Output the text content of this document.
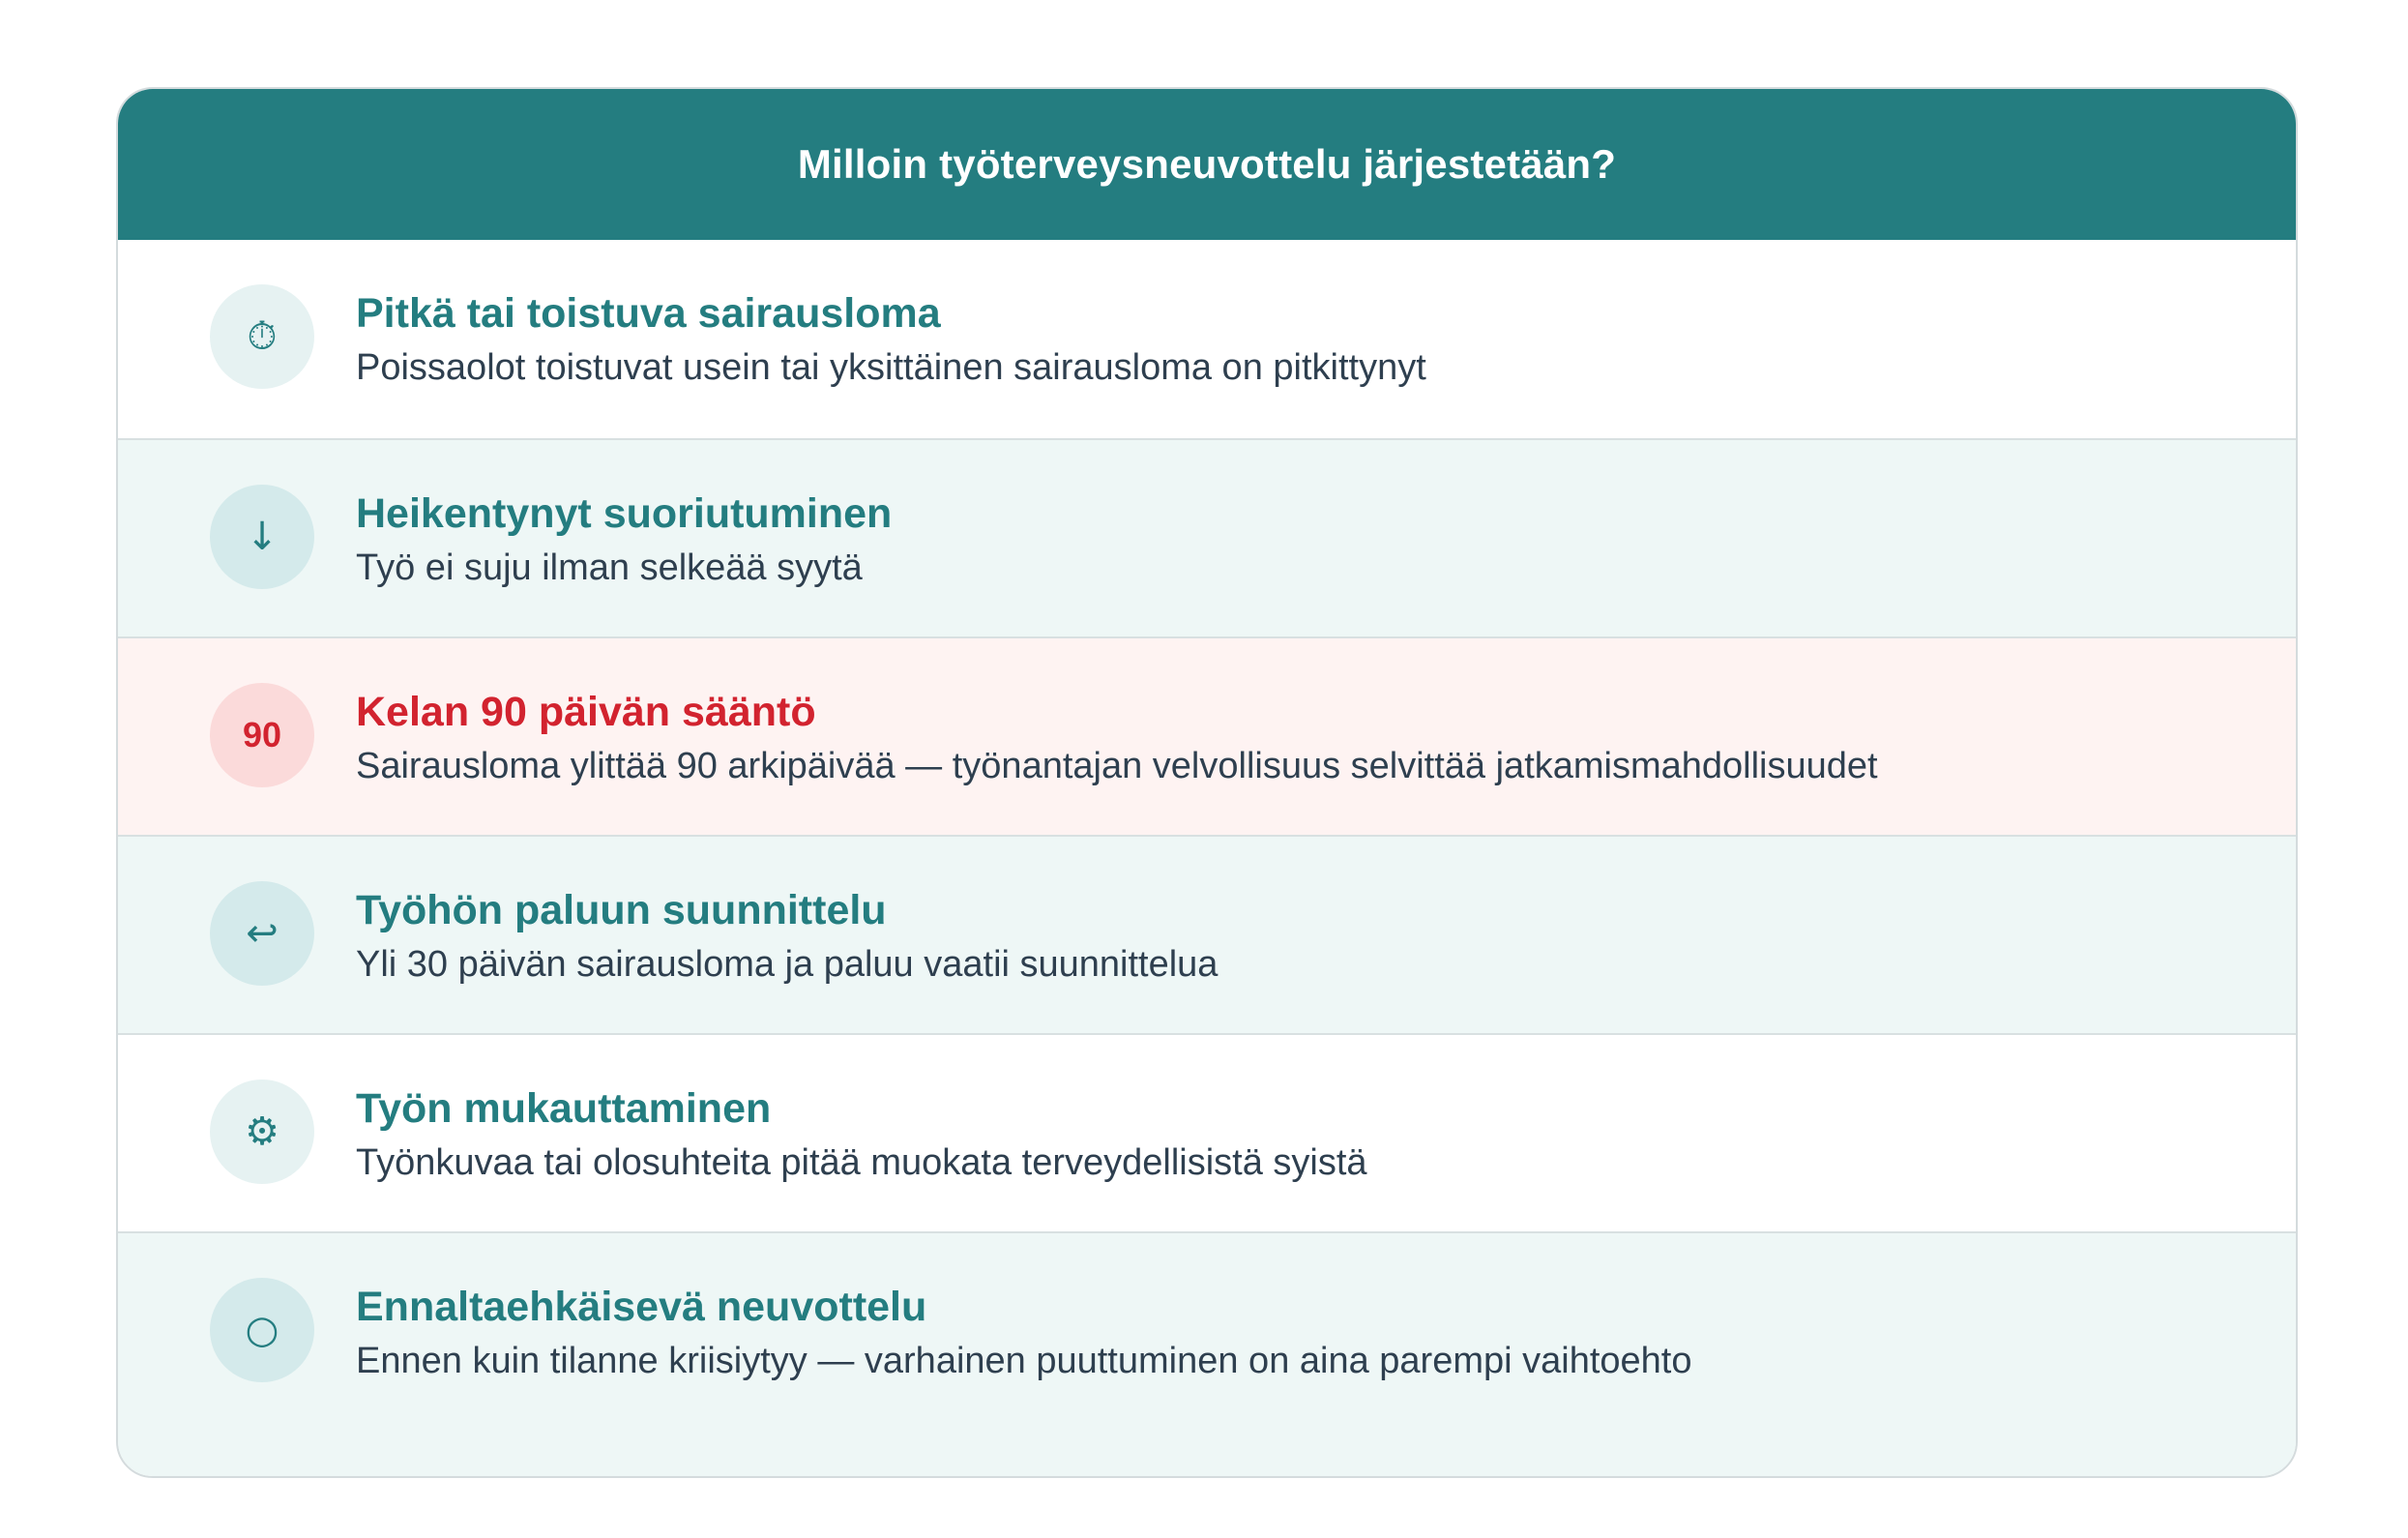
Milloin työterveysneuvottelu järjestetään?
⏱	Pitkä tai toistuva sairausloma
Poissaolot toistuvat usein tai yksittäinen sairausloma on pitkittynyt
↓	Heikentynyt suoriutuminen
Työ ei suju ilman selkeää syytä
90	Kelan 90 päivän sääntö
Sairausloma ylittää 90 arkipäivää — työnantajan velvollisuus selvittää jatkamismahdollisuudet
↩	Työhön paluun suunnittelu
Yli 30 päivän sairausloma ja paluu vaatii suunnittelua
⚙	Työn mukauttaminen
Työnkuvaa tai olosuhteita pitää muokata terveydellisistä syistä
○	Ennaltaehkäisevä neuvottelu
Ennen kuin tilanne kriisiytyy — varhainen puuttuminen on aina parempi vaihtoehto
